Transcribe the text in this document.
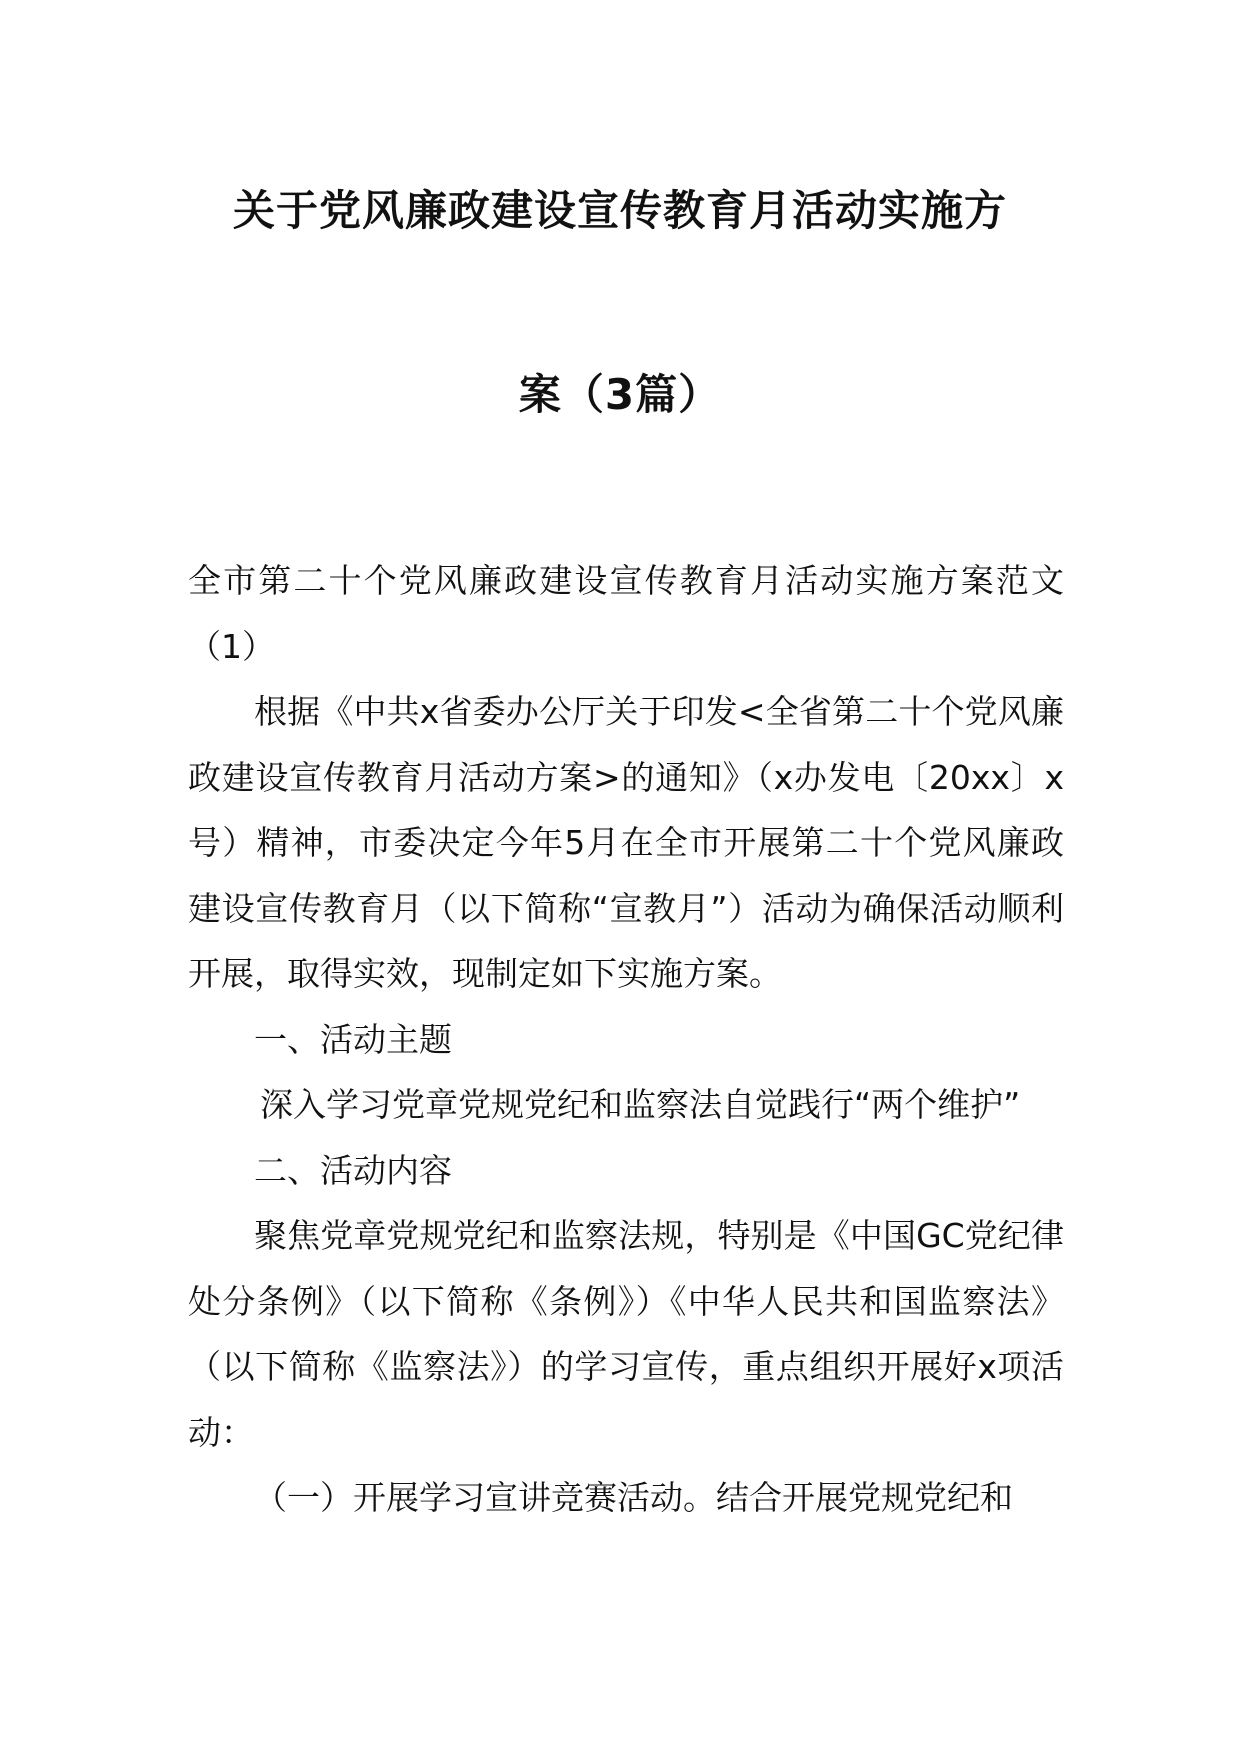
关于党风廉政建设宣传教育月活动实施方
案（3篇）

全市第二十个党风廉政建设宣传教育月活动实施方案范文（1）

根据《中共x省委办公厅关于印发<全省第二十个党风廉政建设宣传教育月活动方案>的通知》（x办发电〔20xx〕x号）精神，市委决定今年5月在全市开展第二十个党风廉政建设宣传教育月（以下简称“宣教月”）活动为确保活动顺利开展，取得实效，现制定如下实施方案。

一、活动主题

深入学习党章党规党纪和监察法自觉践行“两个维护”

二、活动内容

聚焦党章党规党纪和监察法规，特别是《中国GC党纪律处分条例》（以下简称《条例》）《中华人民共和国监察法》（以下简称《监察法》）的学习宣传，重点组织开展好x项活动：

（一）开展学习宣讲竞赛活动。结合开展党规党纪和
